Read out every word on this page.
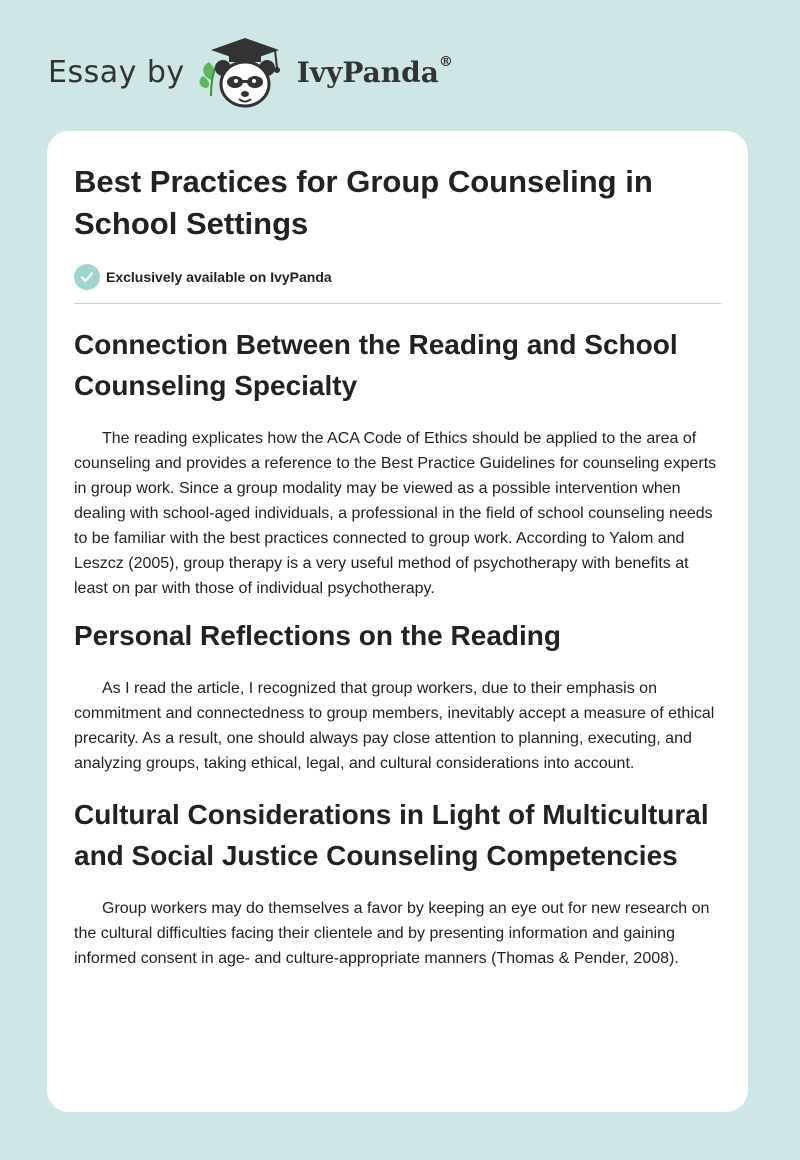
Essay by	IvyPanda®
Best Practices for Group Counseling in School Settings
Exclusively available on IvyPanda
Connection Between the Reading and School Counseling Specialty

The reading explicates how the ACA Code of Ethics should be applied to the area of counseling and provides a reference to the Best Practice Guidelines for counseling experts in group work. Since a group modality may be viewed as a possible intervention when dealing with school-aged individuals, a professional in the field of school counseling needs to be familiar with the best practices connected to group work. According to Yalom and Leszcz (2005), group therapy is a very useful method of psychotherapy with benefits at least on par with those of individual psychotherapy.

Personal Reflections on the Reading

As I read the article, I recognized that group workers, due to their emphasis on commitment and connectedness to group members, inevitably accept a measure of ethical precarity. As a result, one should always pay close attention to planning, executing, and analyzing groups, taking ethical, legal, and cultural considerations into account.

Cultural Considerations in Light of Multicultural and Social Justice Counseling Competencies

Group workers may do themselves a favor by keeping an eye out for new research on the cultural difficulties facing their clientele and by presenting information and gaining informed consent in age- and culture-appropriate manners (Thomas & Pender, 2008).
